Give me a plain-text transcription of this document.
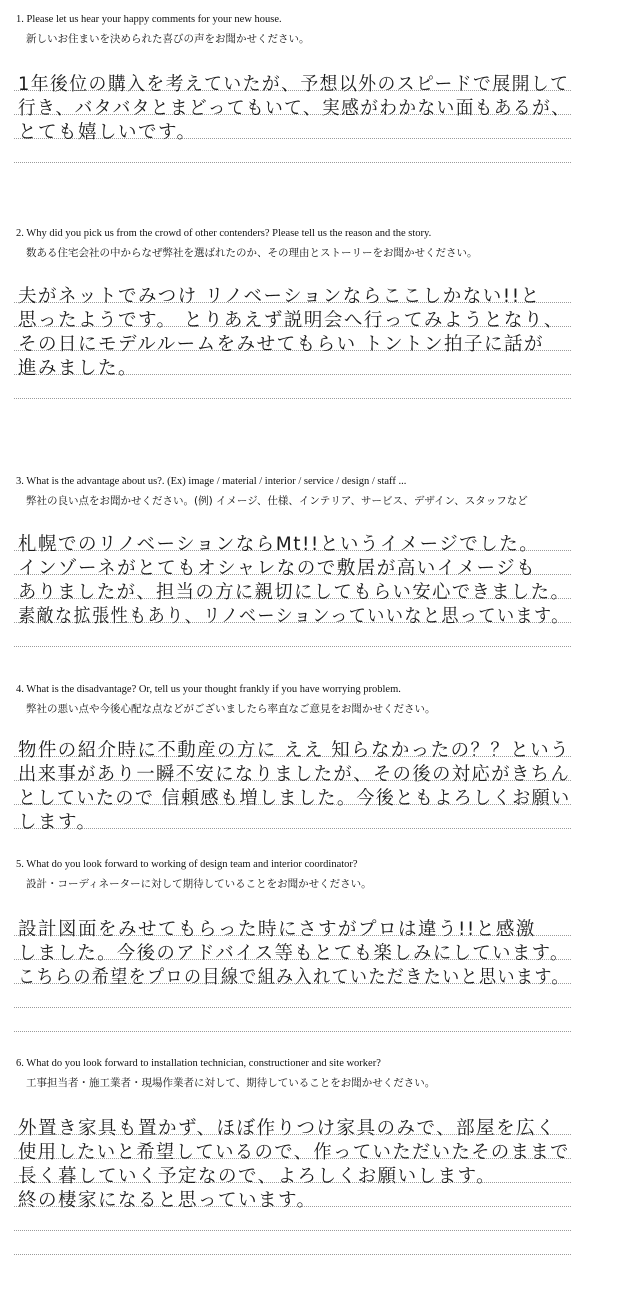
1. Please let us hear your happy comments for your new house.
新しいお住まいを決められた喜びの声をお聞かせください。
1年後位の購入を考えていたが、予想以外のスピードで展開して
行き、バタバタとまどってもいて、実感がわかない面もあるが、
とても嬉しいです。
2. Why did you pick us from the crowd of other contenders? Please tell us the reason and the story.
数ある住宅会社の中からなぜ弊社を選ばれたのか、その理由とストーリーをお聞かせください。
夫がネットでみつけ リノベーションならここしかない!!と
思ったようです。 とりあえず説明会へ行ってみようとなり、
その日にモデルルームをみせてもらい トントン拍子に話が
進みました。
3. What is the advantage about us?. (Ex) image / material / interior / service / design / staff ...
弊社の良い点をお聞かせください。(例) イメージ、仕様、インテリア、サービス、デザイン、スタッフなど
札幌でのリノベーションならMt!!というイメージでした。
インゾーネがとてもオシャレなので敷居が高いイメージも
ありましたが、担当の方に親切にしてもらい安心できました。
素敵な拡張性もあり、リノベーションっていいなと思っています。
4. What is the disadvantage? Or, tell us your thought frankly if you have worrying problem.
弊社の悪い点や今後心配な点などがございましたら率直なご意見をお聞かせください。
物件の紹介時に不動産の方に ええ 知らなかったの？？という
出来事があり一瞬不安になりましたが、その後の対応がきちん
としていたので 信頼感も増しました。今後ともよろしくお願い
します。
5. What do you look forward to working of design team and interior coordinator?
設計・コーディネーターに対して期待していることをお聞かせください。
設計図面をみせてもらった時にさすがプロは違う!!と感激
しました。今後のアドバイス等もとても楽しみにしています。
こちらの希望をプロの目線で組み入れていただきたいと思います。
6. What do you look forward to installation technician, constructioner and site worker?
工事担当者・施工業者・現場作業者に対して、期待していることをお聞かせください。
外置き家具も置かず、ほぼ作りつけ家具のみで、部屋を広く
使用したいと希望しているので、作っていただいたそのままで
長く暮していく予定なので、よろしくお願いします。
終の棲家になると思っています。
